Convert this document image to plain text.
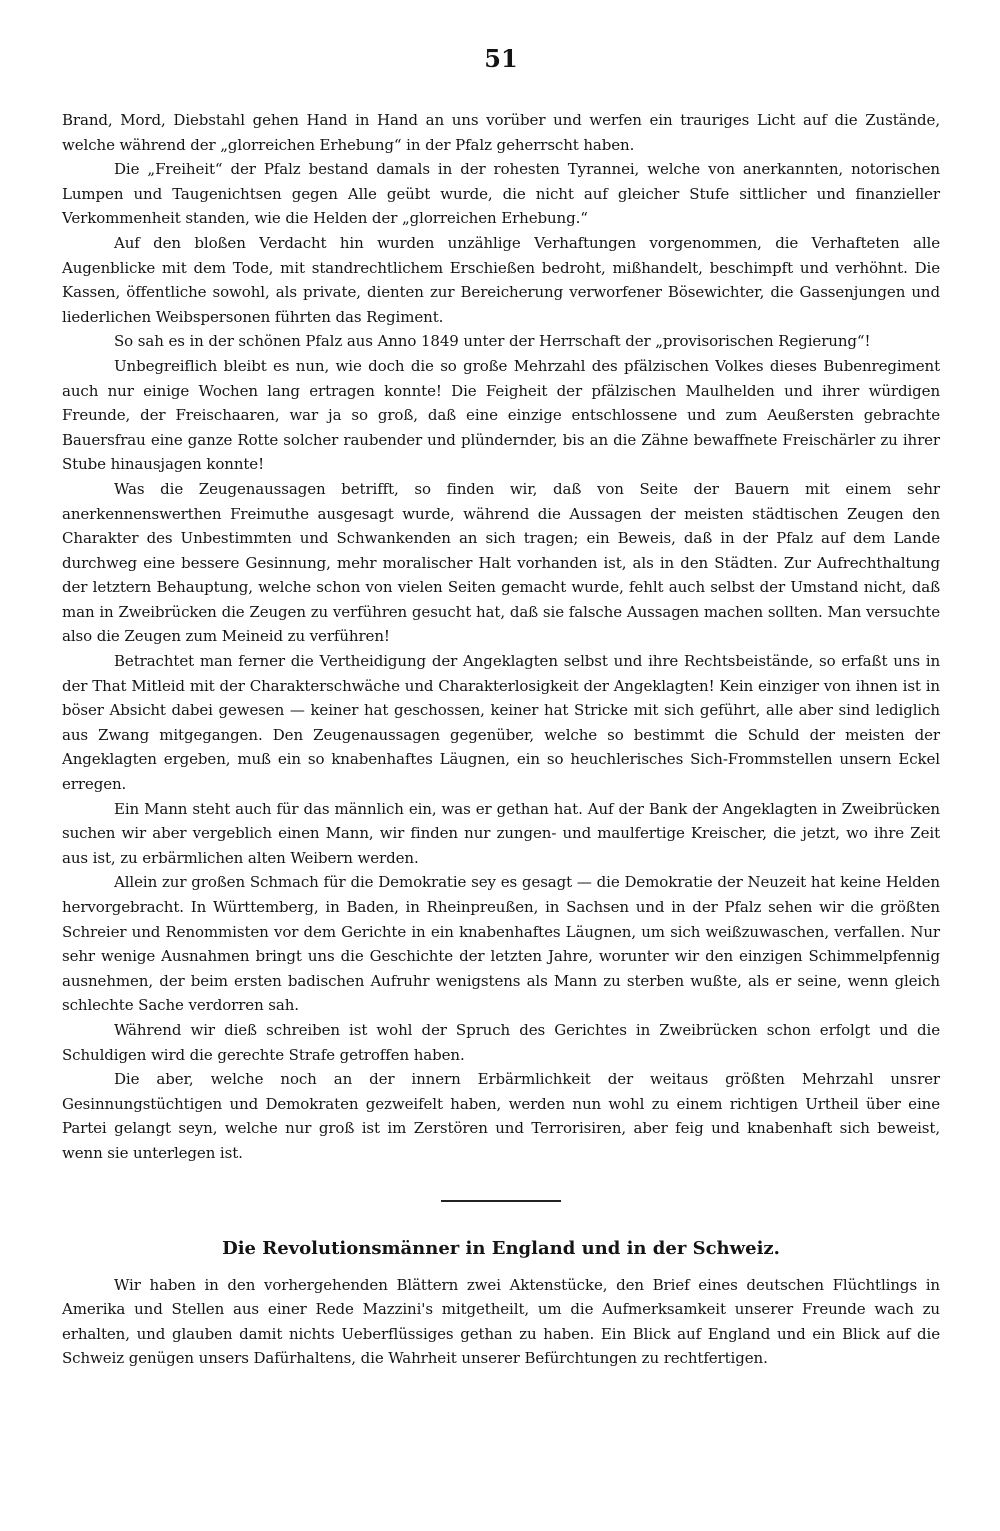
51

Brand, Mord, Diebstahl gehen Hand in Hand an uns vorüber und werfen ein trauriges Licht auf die Zustände, welche während der „glorreichen Erhebung“ in der Pfalz geherrscht haben.

Die „Freiheit“ der Pfalz bestand damals in der rohesten Tyrannei, welche von anerkannten, notorischen Lumpen und Taugenichtsen gegen Alle geübt wurde, die nicht auf gleicher Stufe sittlicher und finanzieller Verkommenheit standen, wie die Helden der „glorreichen Erhebung.“

Auf den bloßen Verdacht hin wurden unzählige Verhaftungen vorgenommen, die Verhafteten alle Augenblicke mit dem Tode, mit standrechtlichem Erschießen bedroht, mißhandelt, beschimpft und verhöhnt. Die Kassen, öffentliche sowohl, als private, dienten zur Bereicherung verworfener Bösewichter, die Gassenjungen und liederlichen Weibspersonen führten das Regiment.

So sah es in der schönen Pfalz aus Anno 1849 unter der Herrschaft der „provisorischen Regierung“!

Unbegreiflich bleibt es nun, wie doch die so große Mehrzahl des pfälzischen Volkes dieses Bubenregiment auch nur einige Wochen lang ertragen konnte! Die Feigheit der pfälzischen Maulhelden und ihrer würdigen Freunde, der Freischaaren, war ja so groß, daß eine einzige entschlossene und zum Aeußersten gebrachte Bauersfrau eine ganze Rotte solcher raubender und plündernder, bis an die Zähne bewaffnete Freischärler zu ihrer Stube hinausjagen konnte!

Was die Zeugenaussagen betrifft, so finden wir, daß von Seite der Bauern mit einem sehr anerkennenswerthen Freimuthe ausgesagt wurde, während die Aussagen der meisten städtischen Zeugen den Charakter des Unbestimmten und Schwankenden an sich tragen; ein Beweis, daß in der Pfalz auf dem Lande durchweg eine bessere Gesinnung, mehr moralischer Halt vorhanden ist, als in den Städten. Zur Aufrechthaltung der letztern Behauptung, welche schon von vielen Seiten gemacht wurde, fehlt auch selbst der Umstand nicht, daß man in Zweibrücken die Zeugen zu verführen gesucht hat, daß sie falsche Aussagen machen sollten. Man versuchte also die Zeugen zum Meineid zu verführen!

Betrachtet man ferner die Vertheidigung der Angeklagten selbst und ihre Rechtsbeistände, so erfaßt uns in der That Mitleid mit der Charakterschwäche und Charakterlosigkeit der Angeklagten! Kein einziger von ihnen ist in böser Absicht dabei gewesen — keiner hat geschossen, keiner hat Stricke mit sich geführt, alle aber sind lediglich aus Zwang mitgegangen. Den Zeugenaussagen gegenüber, welche so bestimmt die Schuld der meisten der Angeklagten ergeben, muß ein so knabenhaftes Läugnen, ein so heuchlerisches Sich-Frommstellen unsern Eckel erregen.

Ein Mann steht auch für das männlich ein, was er gethan hat. Auf der Bank der Angeklagten in Zweibrücken suchen wir aber vergeblich einen Mann, wir finden nur zungen- und maulfertige Kreischer, die jetzt, wo ihre Zeit aus ist, zu erbärmlichen alten Weibern werden.

Allein zur großen Schmach für die Demokratie sey es gesagt — die Demokratie der Neuzeit hat keine Helden hervorgebracht. In Württemberg, in Baden, in Rheinpreußen, in Sachsen und in der Pfalz sehen wir die größten Schreier und Renommisten vor dem Gerichte in ein knabenhaftes Läugnen, um sich weißzuwaschen, verfallen. Nur sehr wenige Ausnahmen bringt uns die Geschichte der letzten Jahre, worunter wir den einzigen Schimmelpfennig ausnehmen, der beim ersten badischen Aufruhr wenigstens als Mann zu sterben wußte, als er seine, wenn gleich schlechte Sache verdorren sah.

Während wir dieß schreiben ist wohl der Spruch des Gerichtes in Zweibrücken schon erfolgt und die Schuldigen wird die gerechte Strafe getroffen haben.

Die aber, welche noch an der innern Erbärmlichkeit der weitaus größten Mehrzahl unsrer Gesinnungstüchtigen und Demokraten gezweifelt haben, werden nun wohl zu einem richtigen Urtheil über eine Partei gelangt seyn, welche nur groß ist im Zerstören und Terrorisiren, aber feig und knabenhaft sich beweist, wenn sie unterlegen ist.

Die Revolutionsmänner in England und in der Schweiz.

Wir haben in den vorhergehenden Blättern zwei Aktenstücke, den Brief eines deutschen Flüchtlings in Amerika und Stellen aus einer Rede Mazzini's mitgetheilt, um die Aufmerksamkeit unserer Freunde wach zu erhalten, und glauben damit nichts Ueberflüssiges gethan zu haben. Ein Blick auf England und ein Blick auf die Schweiz genügen unsers Dafürhaltens, die Wahrheit unserer Befürchtungen zu rechtfertigen.
